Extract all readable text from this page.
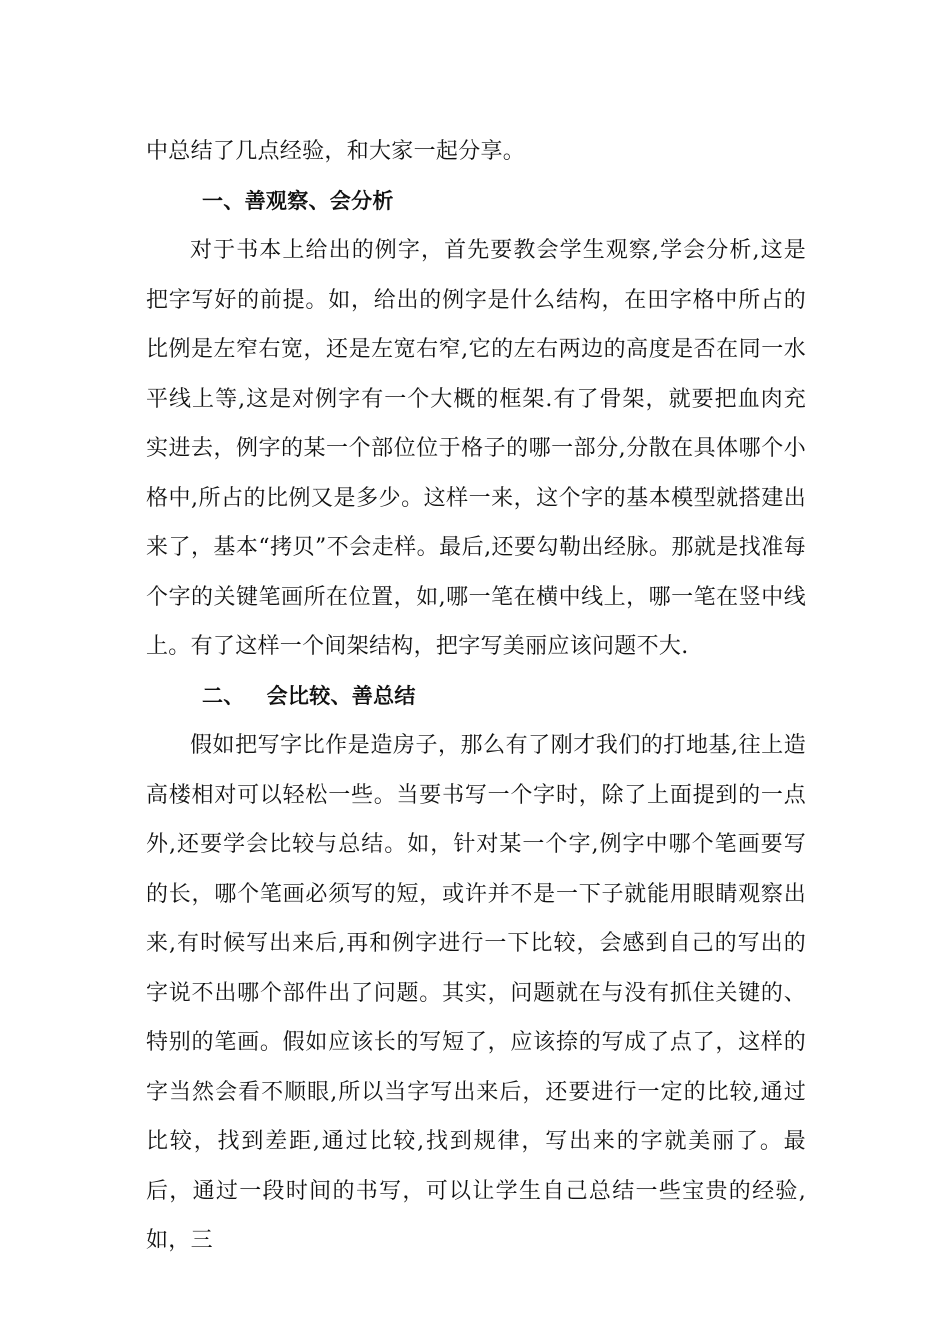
中总结了几点经验，和大家一起分享。

一、善观察、会分析

对于书本上给出的例字，首先要教会学生观察,学会分析,这是把字写好的前提。如，给出的例字是什么结构，在田字格中所占的比例是左窄右宽，还是左宽右窄,它的左右两边的高度是否在同一水平线上等,这是对例字有一个大概的框架.有了骨架，就要把血肉充实进去，例字的某一个部位位于格子的哪一部分,分散在具体哪个小格中,所占的比例又是多少。这样一来，这个字的基本模型就搭建出来了，基本“拷贝”不会走样。最后,还要勾勒出经脉。那就是找准每个字的关键笔画所在位置，如,哪一笔在横中线上，哪一笔在竖中线上。有了这样一个间架结构，把字写美丽应该问题不大.

二、 会比较、善总结

假如把写字比作是造房子，那么有了刚才我们的打地基,往上造高楼相对可以轻松一些。当要书写一个字时，除了上面提到的一点外,还要学会比较与总结。如，针对某一个字,例字中哪个笔画要写的长，哪个笔画必须写的短，或许并不是一下子就能用眼睛观察出来,有时候写出来后,再和例字进行一下比较，会感到自己的写出的字说不出哪个部件出了问题。其实，问题就在与没有抓住关键的、特别的笔画。假如应该长的写短了，应该捺的写成了点了，这样的字当然会看不顺眼,所以当字写出来后，还要进行一定的比较,通过比较，找到差距,通过比较,找到规律，写出来的字就美丽了。最后，通过一段时间的书写，可以让学生自己总结一些宝贵的经验,如，三
